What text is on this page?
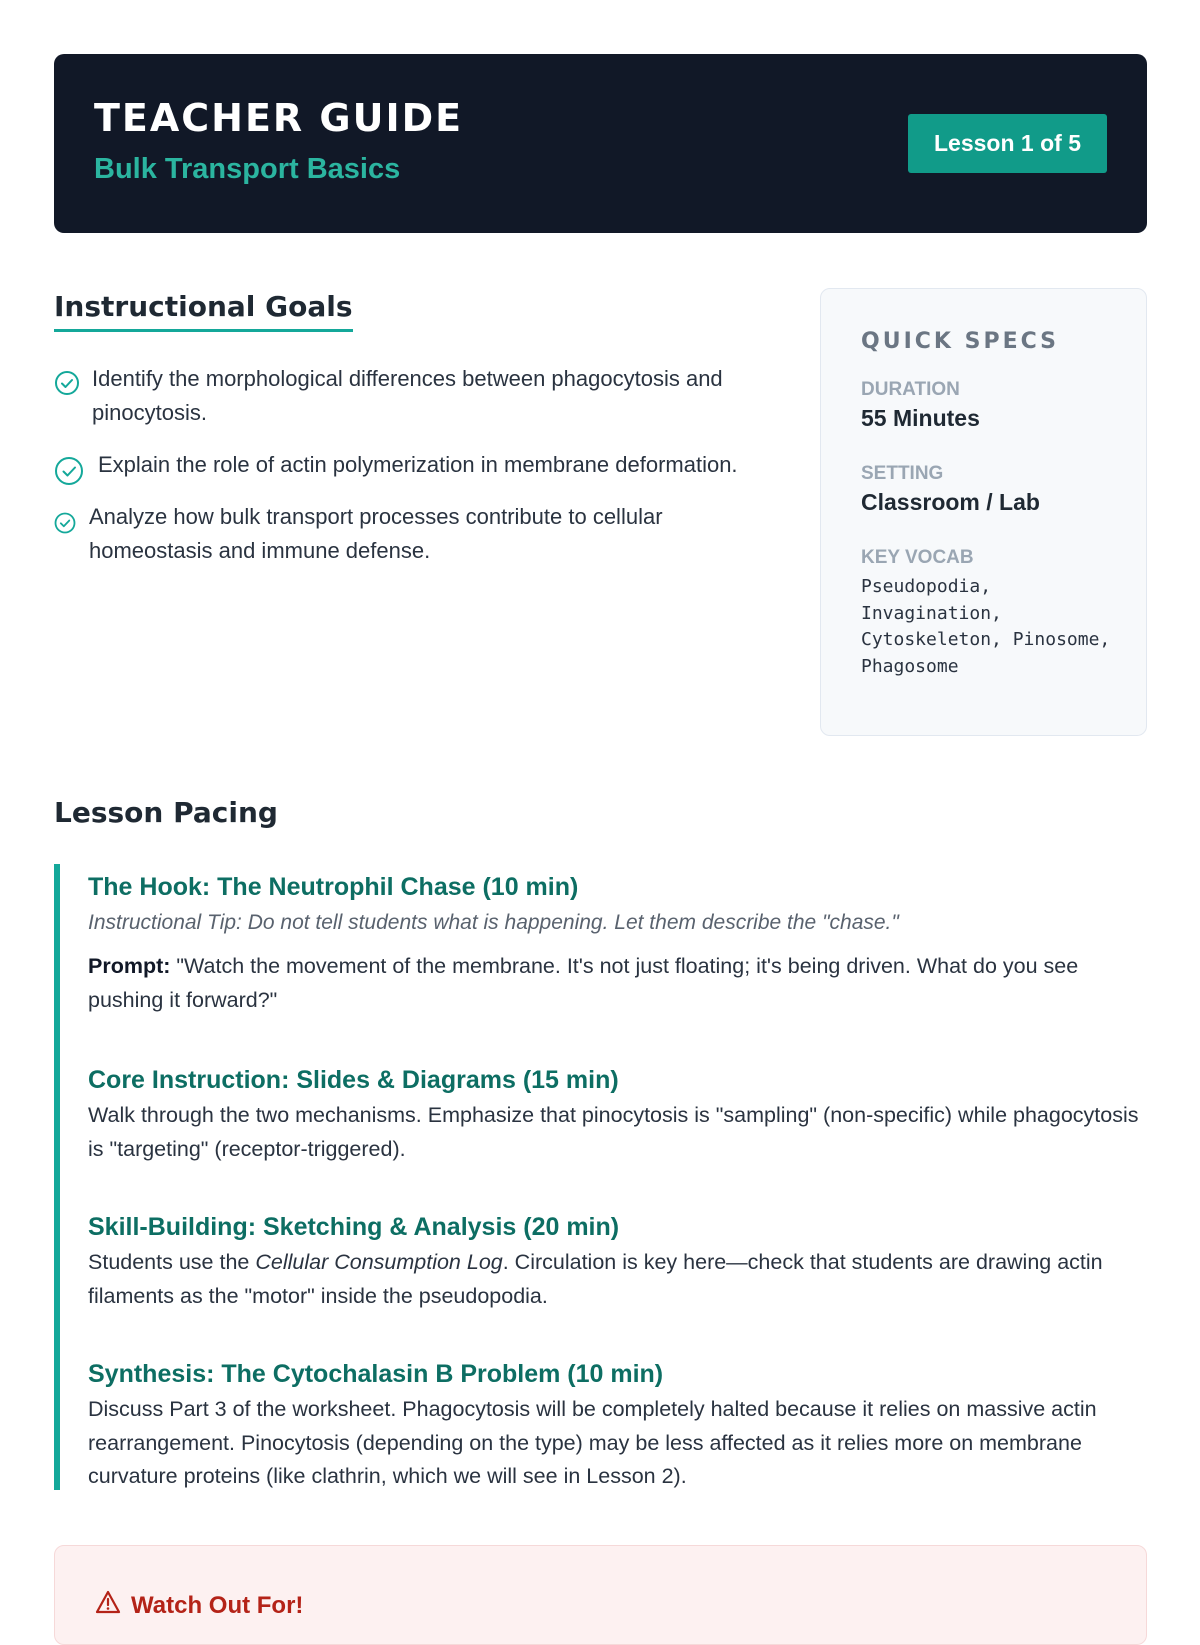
TEACHER GUIDE
Bulk Transport Basics
Lesson 1 of 5
Instructional Goals
Identify the morphological differences between phagocytosis and pinocytosis.
Explain the role of actin polymerization in membrane deformation.
Analyze how bulk transport processes contribute to cellular homeostasis and immune defense.
QUICK SPECS
DURATION
55 Minutes
SETTING
Classroom / Lab
KEY VOCAB
Pseudopodia, Invagination, Cytoskeleton, Pinosome, Phagosome
Lesson Pacing
The Hook: The Neutrophil Chase (10 min)
Instructional Tip: Do not tell students what is happening. Let them describe the "chase."
Prompt: "Watch the movement of the membrane. It's not just floating; it's being driven. What do you see pushing it forward?"
Core Instruction: Slides & Diagrams (15 min)
Walk through the two mechanisms. Emphasize that pinocytosis is "sampling" (non-specific) while phagocytosis is "targeting" (receptor-triggered).
Skill-Building: Sketching & Analysis (20 min)
Students use the Cellular Consumption Log. Circulation is key here—check that students are drawing actin filaments as the "motor" inside the pseudopodia.
Synthesis: The Cytochalasin B Problem (10 min)
Discuss Part 3 of the worksheet. Phagocytosis will be completely halted because it relies on massive actin rearrangement. Pinocytosis (depending on the type) may be less affected as it relies more on membrane curvature proteins (like clathrin, which we will see in Lesson 2).
Watch Out For!
